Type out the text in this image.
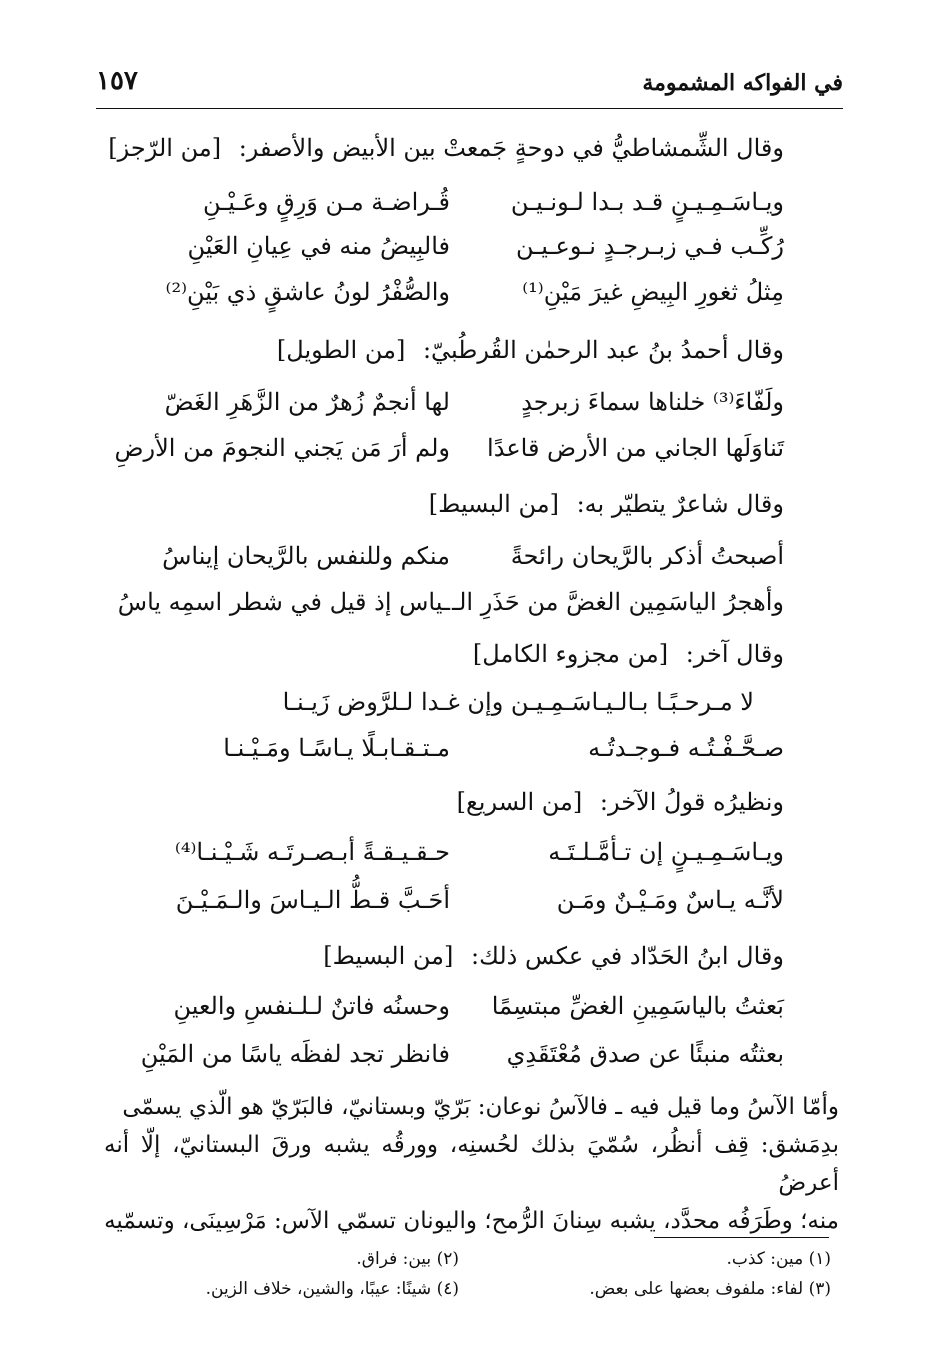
في الفواكه المشمومة
١٥٧
وقال الشِّمشاطيُّ في دوحةٍ جَمعتْ بين الأبيض والأصفر: [من الرّجز]
ويـاسَـمِـيـنٍ قـد بـدا لـونـيـن
قُـراضـة مـن وَرِقٍ وعَـيْـنِ
رُكِّـب فـي زبـرجـدٍ نـوعـيـن
فالبِيضُ منه في عِيانِ العَيْنِ
مِثلُ ثغورِ البِيضِ غيرَ مَيْنِ⁽¹⁾
والصُّفْرُ لونُ عاشقٍ ذي بَيْنِ⁽²⁾
وقال أحمدُ بنُ عبد الرحمٰن القُرطُبيّ: [من الطويل]
ولَفّاءَ⁽³⁾ خلناها سماءَ زبرجدٍ
لها أنجمٌ زُهرٌ من الزَّهَرِ الغَضّ
تَناوَلَها الجاني من الأرض قاعدًا
ولم أرَ مَن يَجني النجومَ من الأرضِ
وقال شاعرٌ يتطيّر به: [من البسيط]
أصبحتُ أذكر بالرَّيحان رائحةً
منكم وللنفس بالرَّيحان إيناسُ
وأهجرُ الياسَمِين الغضَّ من حَذَرِ الـ
ـياس إذ قيل في شطر اسمِه ياسُ
وقال آخر: [من مجزوء الكامل]
لا مـرحـبًـا بـالـيـاسَـمِـيـن وإن غـدا لـلرَّوض زَيـنـا
صـحَّـفْـتُـه فـوجـدتُـه
مـتـقـابـلًا يـاسًـا ومَـيْـنـا
ونظيرُه قولُ الآخر: [من السريع]
ويـاسَـمِـيـنٍ إن تـأمَّـلـتَـه
حـقـيـقـةً أبـصـرتَـه شَـيْـنـا⁽⁴⁾
لأنَّـه يـاسٌ ومَـيْـنٌ ومَـن
أحَـبَّ قـطُّ الـيـاسَ والـمَـيْـنَ
وقال ابنُ الحَدّاد في عكس ذلك: [من البسيط]
بَعثتُ بالياسَمِينِ الغضِّ مبتسِمًا
وحسنُه فاتنٌ لـلـنفسِ والعينِ
بعثتُه منبئًا عن صدق مُعْتَقَدِي
فانظر تجد لفظَه ياسًا من المَيْنِ
وأمّا الآسُ وما قيل فيه ـ فالآسُ نوعان: بَرّيّ وبستانيّ، فالبَرّيّ هو الّذي يسمّى
بدِمَشق: قِف أنظُر، سُمّيَ بذلك لحُسنِه، وورقُه يشبه ورقَ البستانيّ، إلّا أنه أعرضُ
منه؛ وطَرَفُه محدَّد، يشبه سِنانَ الرُّمح؛ واليونان تسمّي الآس: مَرْسِينَى، وتسمّيه
(١) مين: كذب.
(٢) بين: فراق.
(٣) لفاء: ملفوف بعضها على بعض.
(٤) شينًا: عيبًا، والشين، خلاف الزين.
